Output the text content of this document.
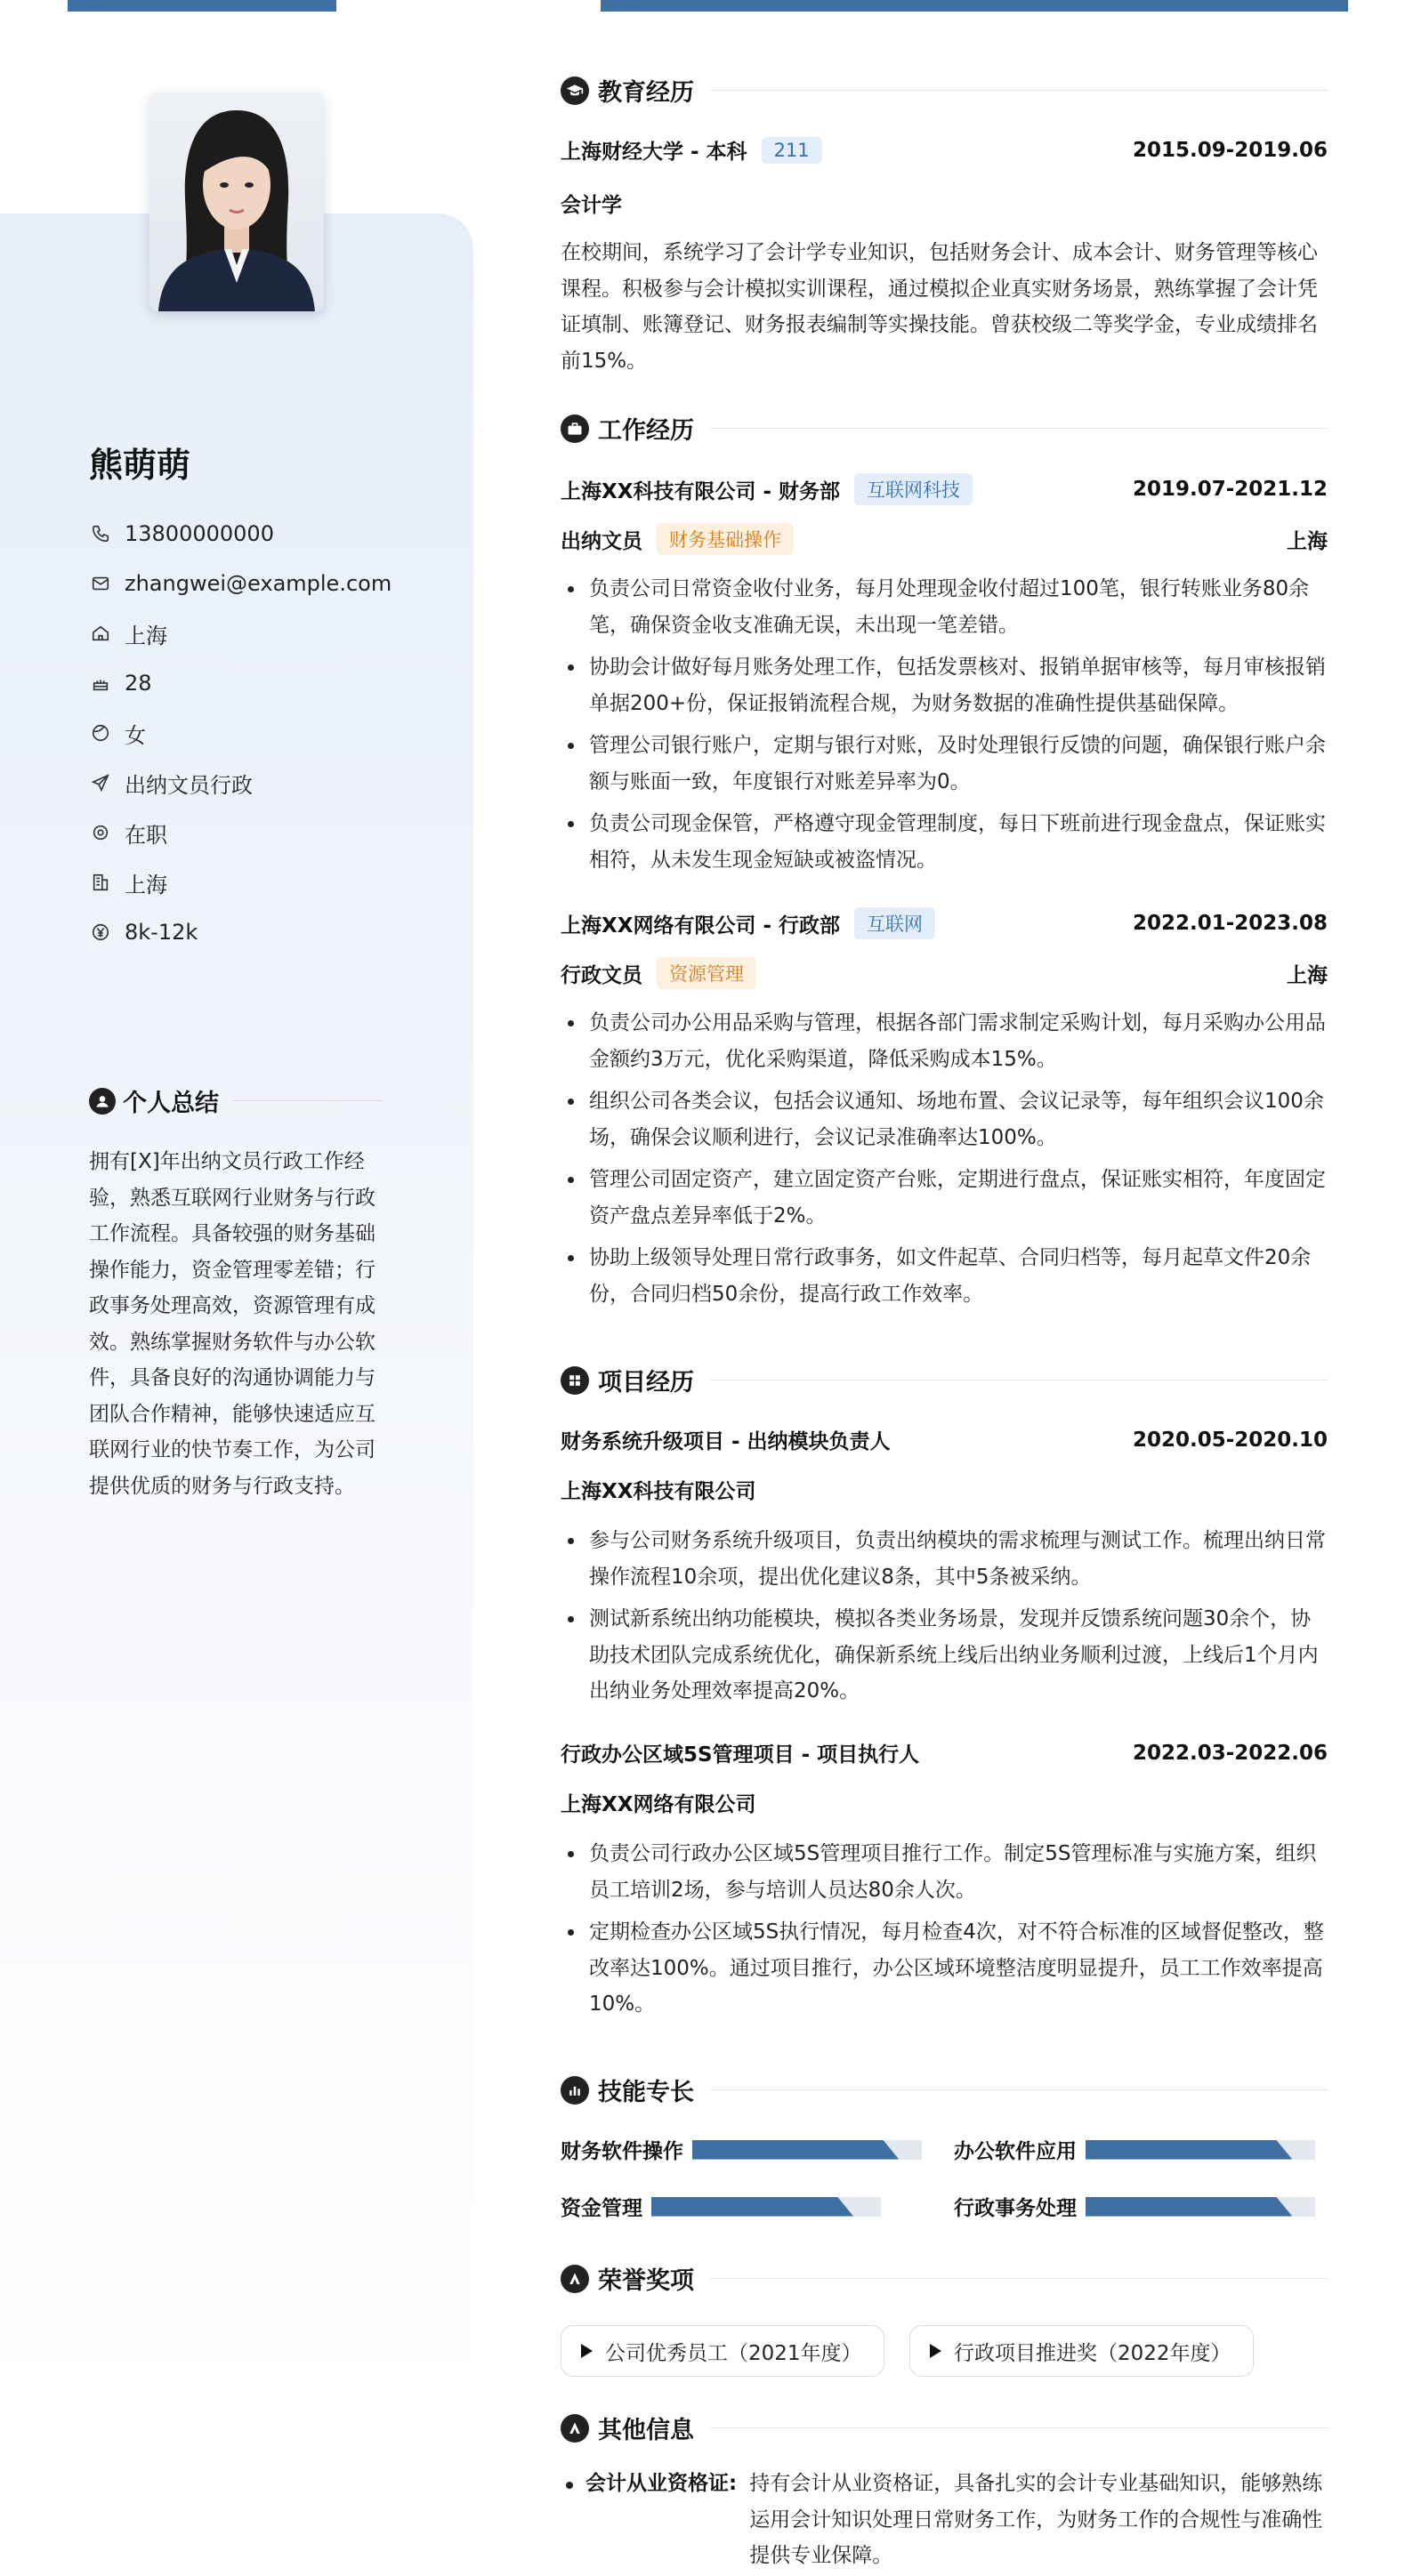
熊萌萌
13800000000
zhangwei@example.com
上海
28
女
出纳文员行政
在职
上海
8k-12k
个人总结
拥有[X]年出纳文员行政工作经验，熟悉互联网行业财务与行政工作流程。具备较强的财务基础操作能力，资金管理零差错；行政事务处理高效，资源管理有成效。熟练掌握财务软件与办公软件，具备良好的沟通协调能力与团队合作精神，能够快速适应互联网行业的快节奏工作，为公司提供优质的财务与行政支持。
教育经历
上海财经大学 - 本科	211	2015.09-2019.06
会计学
在校期间，系统学习了会计学专业知识，包括财务会计、成本会计、财务管理等核心课程。积极参与会计模拟实训课程，通过模拟企业真实财务场景，熟练掌握了会计凭证填制、账簿登记、财务报表编制等实操技能。曾获校级二等奖学金，专业成绩排名前15%。
工作经历
上海XX科技有限公司 - 财务部	互联网科技	2019.07-2021.12
出纳文员	财务基础操作	上海
负责公司日常资金收付业务，每月处理现金收付超过100笔，银行转账业务80余笔，确保资金收支准确无误，未出现一笔差错。
协助会计做好每月账务处理工作，包括发票核对、报销单据审核等，每月审核报销单据200+份，保证报销流程合规，为财务数据的准确性提供基础保障。
管理公司银行账户，定期与银行对账，及时处理银行反馈的问题，确保银行账户余额与账面一致，年度银行对账差异率为0。
负责公司现金保管，严格遵守现金管理制度，每日下班前进行现金盘点，保证账实相符，从未发生现金短缺或被盗情况。
上海XX网络有限公司 - 行政部	互联网	2022.01-2023.08
行政文员	资源管理	上海
负责公司办公用品采购与管理，根据各部门需求制定采购计划，每月采购办公用品金额约3万元，优化采购渠道，降低采购成本15%。
组织公司各类会议，包括会议通知、场地布置、会议记录等，每年组织会议100余场，确保会议顺利进行，会议记录准确率达100%。
管理公司固定资产，建立固定资产台账，定期进行盘点，保证账实相符，年度固定资产盘点差异率低于2%。
协助上级领导处理日常行政事务，如文件起草、合同归档等，每月起草文件20余份，合同归档50余份，提高行政工作效率。
项目经历
财务系统升级项目 - 出纳模块负责人	2020.05-2020.10
上海XX科技有限公司
参与公司财务系统升级项目，负责出纳模块的需求梳理与测试工作。梳理出纳日常操作流程10余项，提出优化建议8条，其中5条被采纳。
测试新系统出纳功能模块，模拟各类业务场景，发现并反馈系统问题30余个，协助技术团队完成系统优化，确保新系统上线后出纳业务顺利过渡，上线后1个月内出纳业务处理效率提高20%。
行政办公区域5S管理项目 - 项目执行人	2022.03-2022.06
上海XX网络有限公司
负责公司行政办公区域5S管理项目推行工作。制定5S管理标准与实施方案，组织员工培训2场，参与培训人员达80余人次。
定期检查办公区域5S执行情况，每月检查4次，对不符合标准的区域督促整改，整改率达100%。通过项目推行，办公区域环境整洁度明显提升，员工工作效率提高10%。
技能专长
财务软件操作	办公软件应用
资金管理	行政事务处理
荣誉奖项
公司优秀员工（2021年度）	行政项目推进奖（2022年度）
其他信息
会计从业资格证: 持有会计从业资格证，具备扎实的会计专业基础知识，能够熟练运用会计知识处理日常财务工作，为财务工作的合规性与准确性提供专业保障。
